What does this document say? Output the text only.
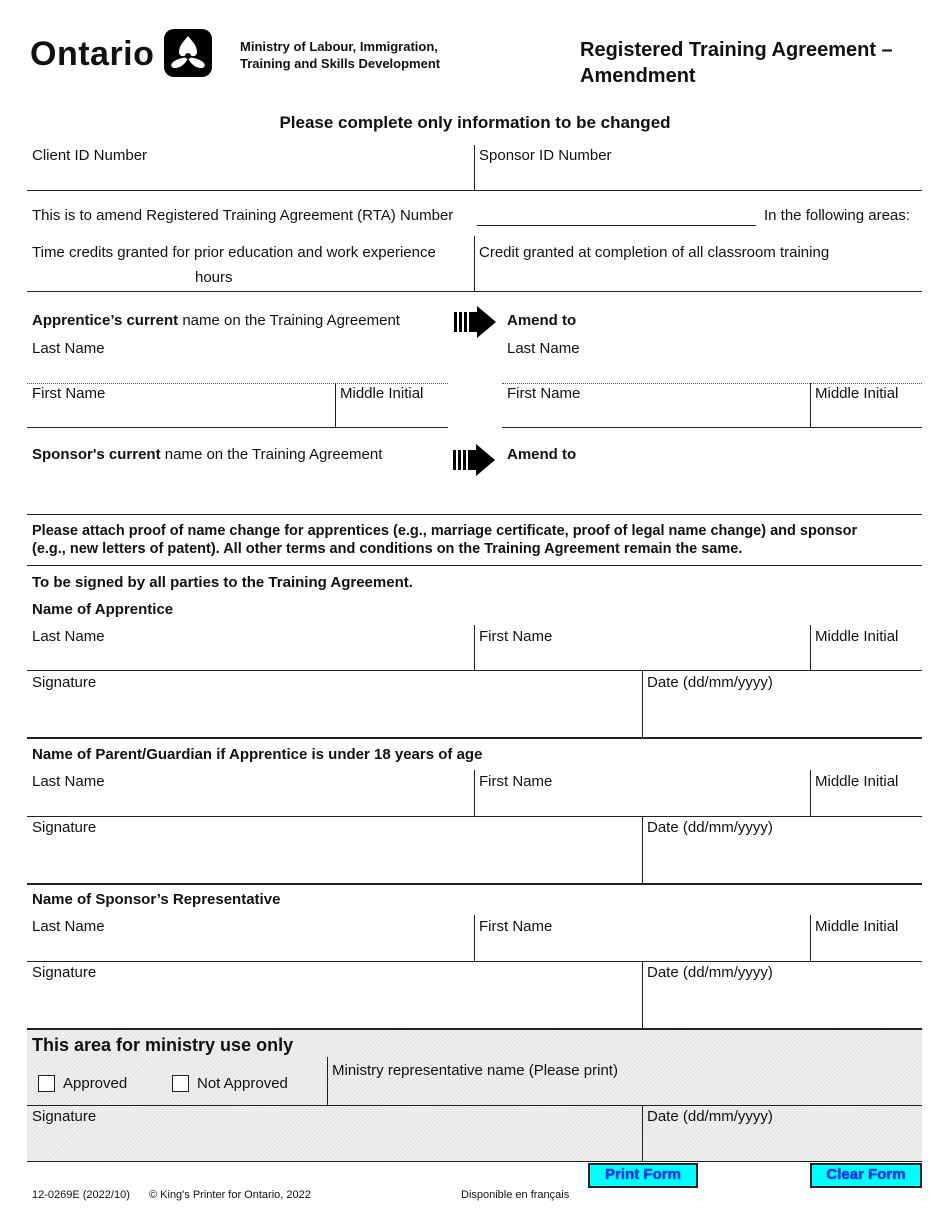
Ontario	Ministry of Labour, Immigration,
Training and Skills Development
Registered Training Agreement –
Amendment
Please complete only information to be changed
Client ID Number	Sponsor ID Number
This is to amend Registered Training Agreement (RTA) Number	In the following areas:
Time credits granted for prior education and work experience
hours
Credit granted at completion of all classroom training
Apprentice’s current name on the Training Agreement	Amend to
Last Name	Last Name
First Name	Middle Initial	First Name	Middle Initial
Sponsor's current name on the Training Agreement	Amend to
Please attach proof of name change for apprentices (e.g., marriage certificate, proof of legal name change) and sponsor
(e.g., new letters of patent). All other terms and conditions on the Training Agreement remain the same.
To be signed by all parties to the Training Agreement.
Name of Apprentice
Last Name	First Name	Middle Initial
Signature	Date (dd/mm/yyyy)
Name of Parent/Guardian if Apprentice is under 18 years of age
Last Name	First Name	Middle Initial
Signature	Date (dd/mm/yyyy)
Name of Sponsor’s Representative
Last Name	First Name	Middle Initial
Signature	Date (dd/mm/yyyy)
This area for ministry use only
Approved	Not Approved
Ministry representative name (Please print)
Signature	Date (dd/mm/yyyy)
Print Form	Clear Form
12-0269E (2022/10) © King's Printer for Ontario, 2022	Disponible en français
